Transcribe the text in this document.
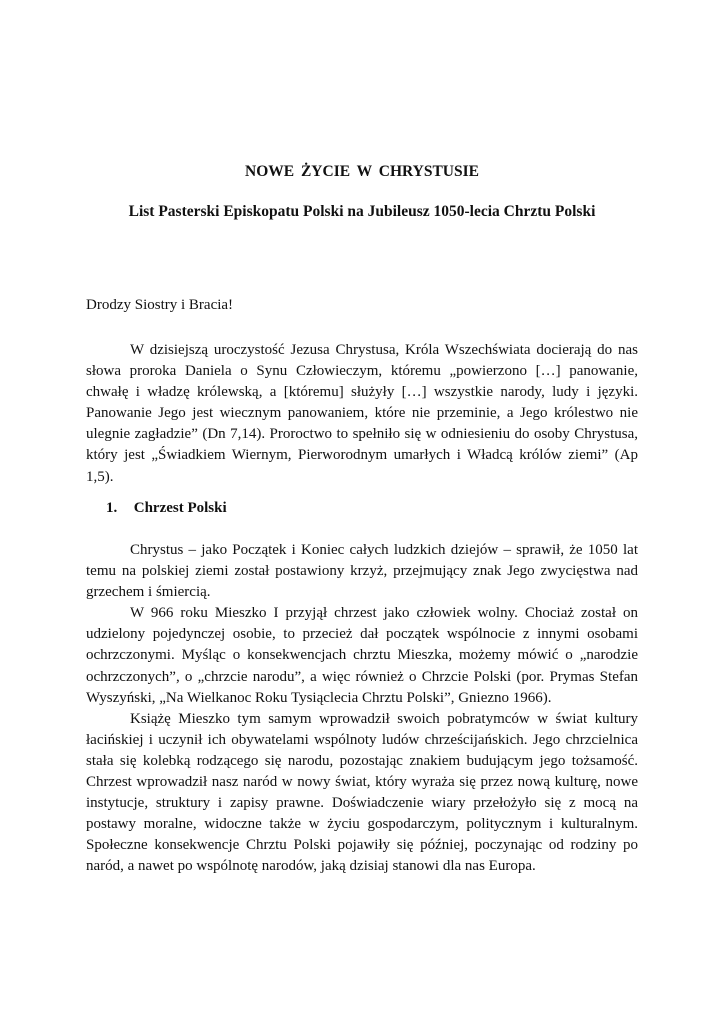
NOWE ŻYCIE W CHRYSTUSIE
List Pasterski Episkopatu Polski na Jubileusz 1050-lecia Chrztu Polski
Drodzy Siostry i Bracia!

W dzisiejszą uroczystość Jezusa Chrystusa, Króla Wszechświata docierają do nas słowa proroka Daniela o Synu Człowieczym, któremu „powierzono […] panowanie, chwałę i władzę królewską, a [któremu] służyły […] wszystkie narody, ludy i języki. Panowanie Jego jest wiecznym panowaniem, które nie przeminie, a Jego królestwo nie ulegnie zagładzie” (Dn 7,14). Proroctwo to spełniło się w odniesieniu do osoby Chrystusa, który jest „Świadkiem Wiernym, Pierworodnym umarłych i Władcą królów ziemi” (Ap 1,5).

1. Chrzest Polski

Chrystus – jako Początek i Koniec całych ludzkich dziejów – sprawił, że 1050 lat temu na polskiej ziemi został postawiony krzyż, przejmujący znak Jego zwycięstwa nad grzechem i śmiercią.

W 966 roku Mieszko I przyjął chrzest jako człowiek wolny. Chociaż został on udzielony pojedynczej osobie, to przecież dał początek wspólnocie z innymi osobami ochrzczonymi. Myśląc o konsekwencjach chrztu Mieszka, możemy mówić o „narodzie ochrzczonych”, o „chrzcie narodu”, a więc również o Chrzcie Polski (por. Prymas Stefan Wyszyński, „Na Wielkanoc Roku Tysiąclecia Chrztu Polski”, Gniezno 1966).

Książę Mieszko tym samym wprowadził swoich pobratymców w świat kultury łacińskiej i uczynił ich obywatelami wspólnoty ludów chrześcijańskich. Jego chrzcielnica stała się kolebką rodzącego się narodu, pozostając znakiem budującym jego tożsamość. Chrzest wprowadził nasz naród w nowy świat, który wyraża się przez nową kulturę, nowe instytucje, struktury i zapisy prawne. Doświadczenie wiary przełożyło się z mocą na postawy moralne, widoczne także w życiu gospodarczym, politycznym i kulturalnym. Społeczne konsekwencje Chrztu Polski pojawiły się później, poczynając od rodziny po naród, a nawet po wspólnotę narodów, jaką dzisiaj stanowi dla nas Europa.
